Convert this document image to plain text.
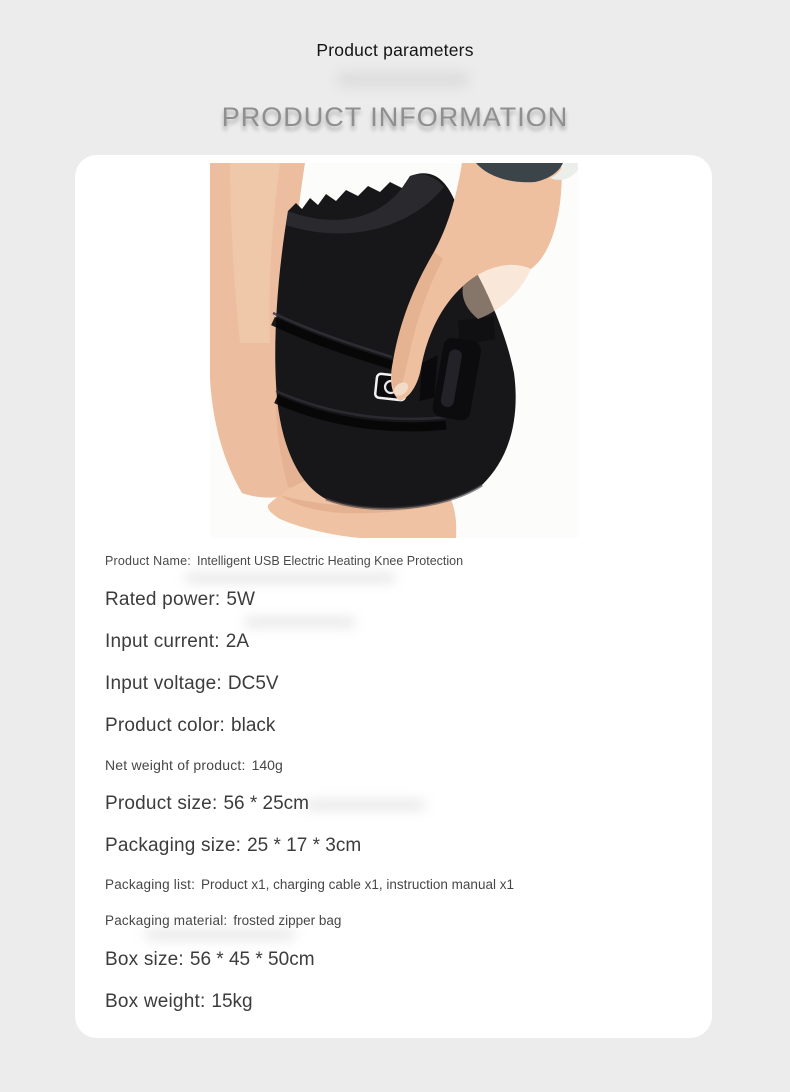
Product parameters
PRODUCT INFORMATION
Product Name: Intelligent USB Electric Heating Knee Protection
Rated power: 5W
Input current: 2A
Input voltage: DC5V
Product color: black
Net weight of product: 140g
Product size: 56 * 25cm
Packaging size: 25 * 17 * 3cm
Packaging list: Product x1, charging cable x1, instruction manual x1
Packaging material: frosted zipper bag
Box size: 56 * 45 * 50cm
Box weight: 15kg
